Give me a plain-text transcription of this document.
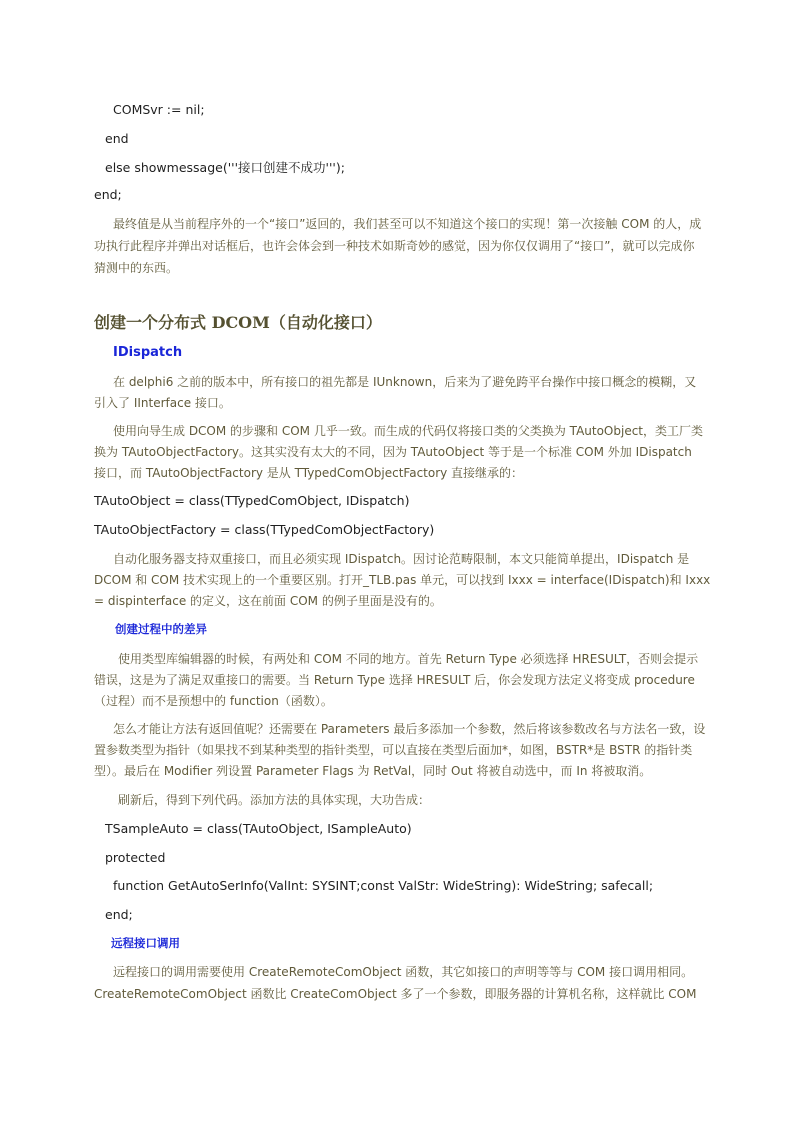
COMSvr := nil;
end
else showmessage('''接口创建不成功''');
end;
最终值是从当前程序外的一个“接口”返回的，我们甚至可以不知道这个接口的实现！第一次接触 COM 的人，成
功执行此程序并弹出对话框后，也许会体会到一种技术如斯奇妙的感觉，因为你仅仅调用了“接口”，就可以完成你
猜测中的东西。
创建一个分布式 DCOM（自动化接口）
IDispatch
在 delphi6 之前的版本中，所有接口的祖先都是 IUnknown，后来为了避免跨平台操作中接口概念的模糊，又
引入了 IInterface 接口。
使用向导生成 DCOM 的步骤和 COM 几乎一致。而生成的代码仅将接口类的父类换为 TAutoObject，类工厂类
换为 TAutoObjectFactory。这其实没有太大的不同，因为 TAutoObject 等于是一个标准 COM 外加 IDispatch
接口，而 TAutoObjectFactory 是从 TTypedComObjectFactory 直接继承的：
TAutoObject = class(TTypedComObject, IDispatch)
TAutoObjectFactory = class(TTypedComObjectFactory)
自动化服务器支持双重接口，而且必须实现 IDispatch。因讨论范畴限制，本文只能简单提出，IDispatch 是
DCOM 和 COM 技术实现上的一个重要区别。打开_TLB.pas 单元，可以找到 Ixxx = interface(IDispatch)和 Ixxx
= dispinterface 的定义，这在前面 COM 的例子里面是没有的。
创建过程中的差异
使用类型库编辑器的时候，有两处和 COM 不同的地方。首先 Return Type 必须选择 HRESULT，否则会提示
错误，这是为了满足双重接口的需要。当 Return Type 选择 HRESULT 后，你会发现方法定义将变成 procedure
（过程）而不是预想中的 function（函数）。
怎么才能让方法有返回值呢？还需要在 Parameters 最后多添加一个参数，然后将该参数改名与方法名一致，设
置参数类型为指针（如果找不到某种类型的指针类型，可以直接在类型后面加*，如图，BSTR*是 BSTR 的指针类
型）。最后在 Modifier 列设置 Parameter Flags 为 RetVal，同时 Out 将被自动选中，而 In 将被取消。
刷新后，得到下列代码。添加方法的具体实现，大功告成：
TSampleAuto = class(TAutoObject, ISampleAuto)
protected
function GetAutoSerInfo(ValInt: SYSINT;const ValStr: WideString): WideString; safecall;
end;
远程接口调用
远程接口的调用需要使用 CreateRemoteComObject 函数，其它如接口的声明等等与 COM 接口调用相同。
CreateRemoteComObject 函数比 CreateComObject 多了一个参数，即服务器的计算机名称，这样就比 COM
